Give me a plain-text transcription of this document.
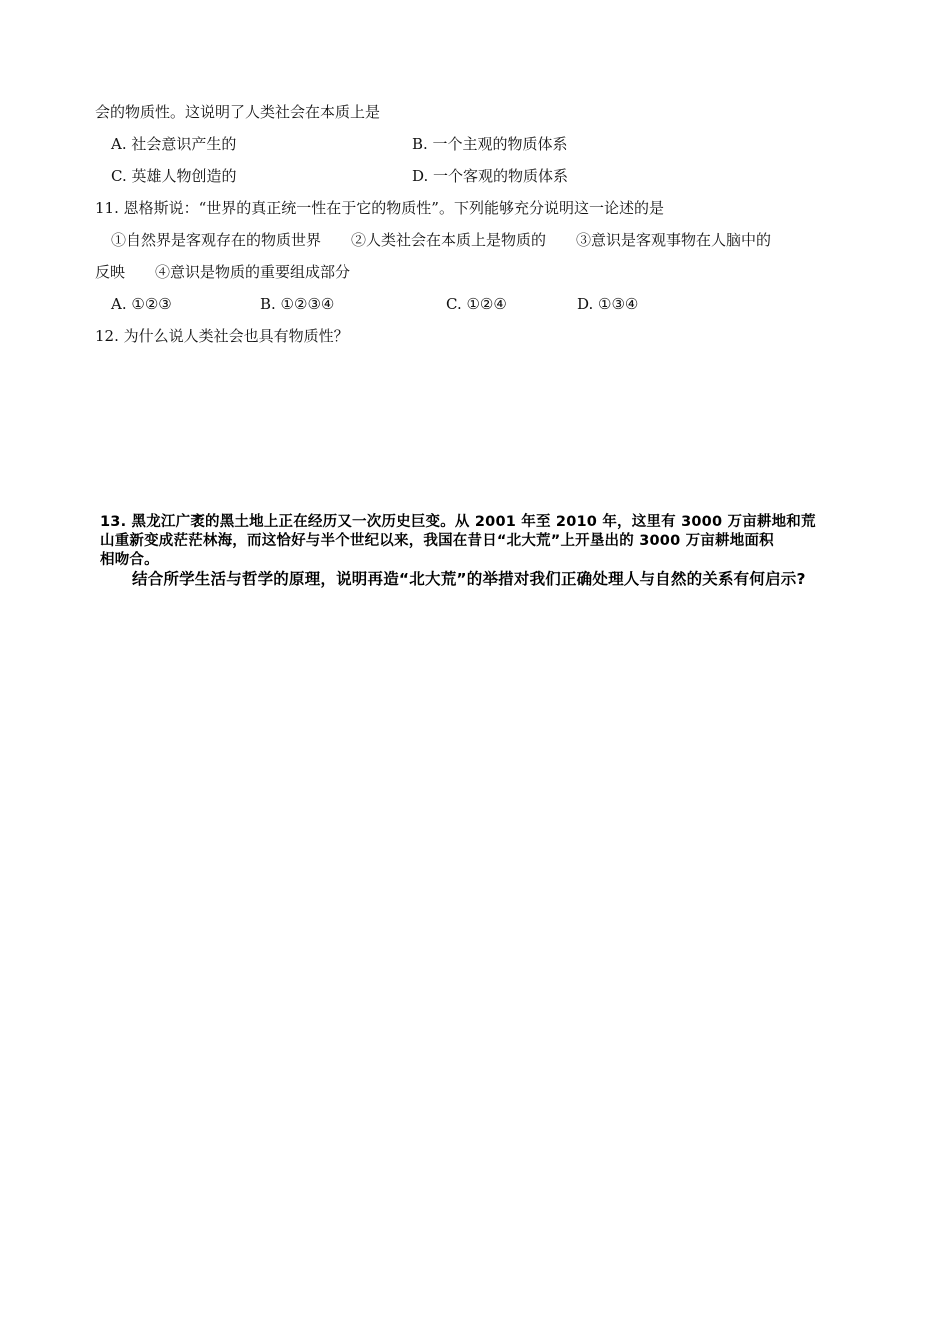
会的物质性。这说明了人类社会在本质上是
A. 社会意识产生的	B. 一个主观的物质体系
C. 英雄人物创造的	D. 一个客观的物质体系
11. 恩格斯说：“世界的真正统一性在于它的物质性”。下列能够充分说明这一论述的是
①自然界是客观存在的物质世界　　②人类社会在本质上是物质的　　③意识是客观事物在人脑中的
反映　　④意识是物质的重要组成部分
A. ①②③	B. ①②③④	C. ①②④	D. ①③④
12. 为什么说人类社会也具有物质性？
13. 黑龙江广袤的黑土地上正在经历又一次历史巨变。从 2001 年至 2010 年，这里有 3000 万亩耕地和荒
山重新变成茫茫林海，而这恰好与半个世纪以来，我国在昔日“北大荒”上开垦出的 3000 万亩耕地面积
相吻合。
结合所学生活与哲学的原理，说明再造“北大荒”的举措对我们正确处理人与自然的关系有何启示?
